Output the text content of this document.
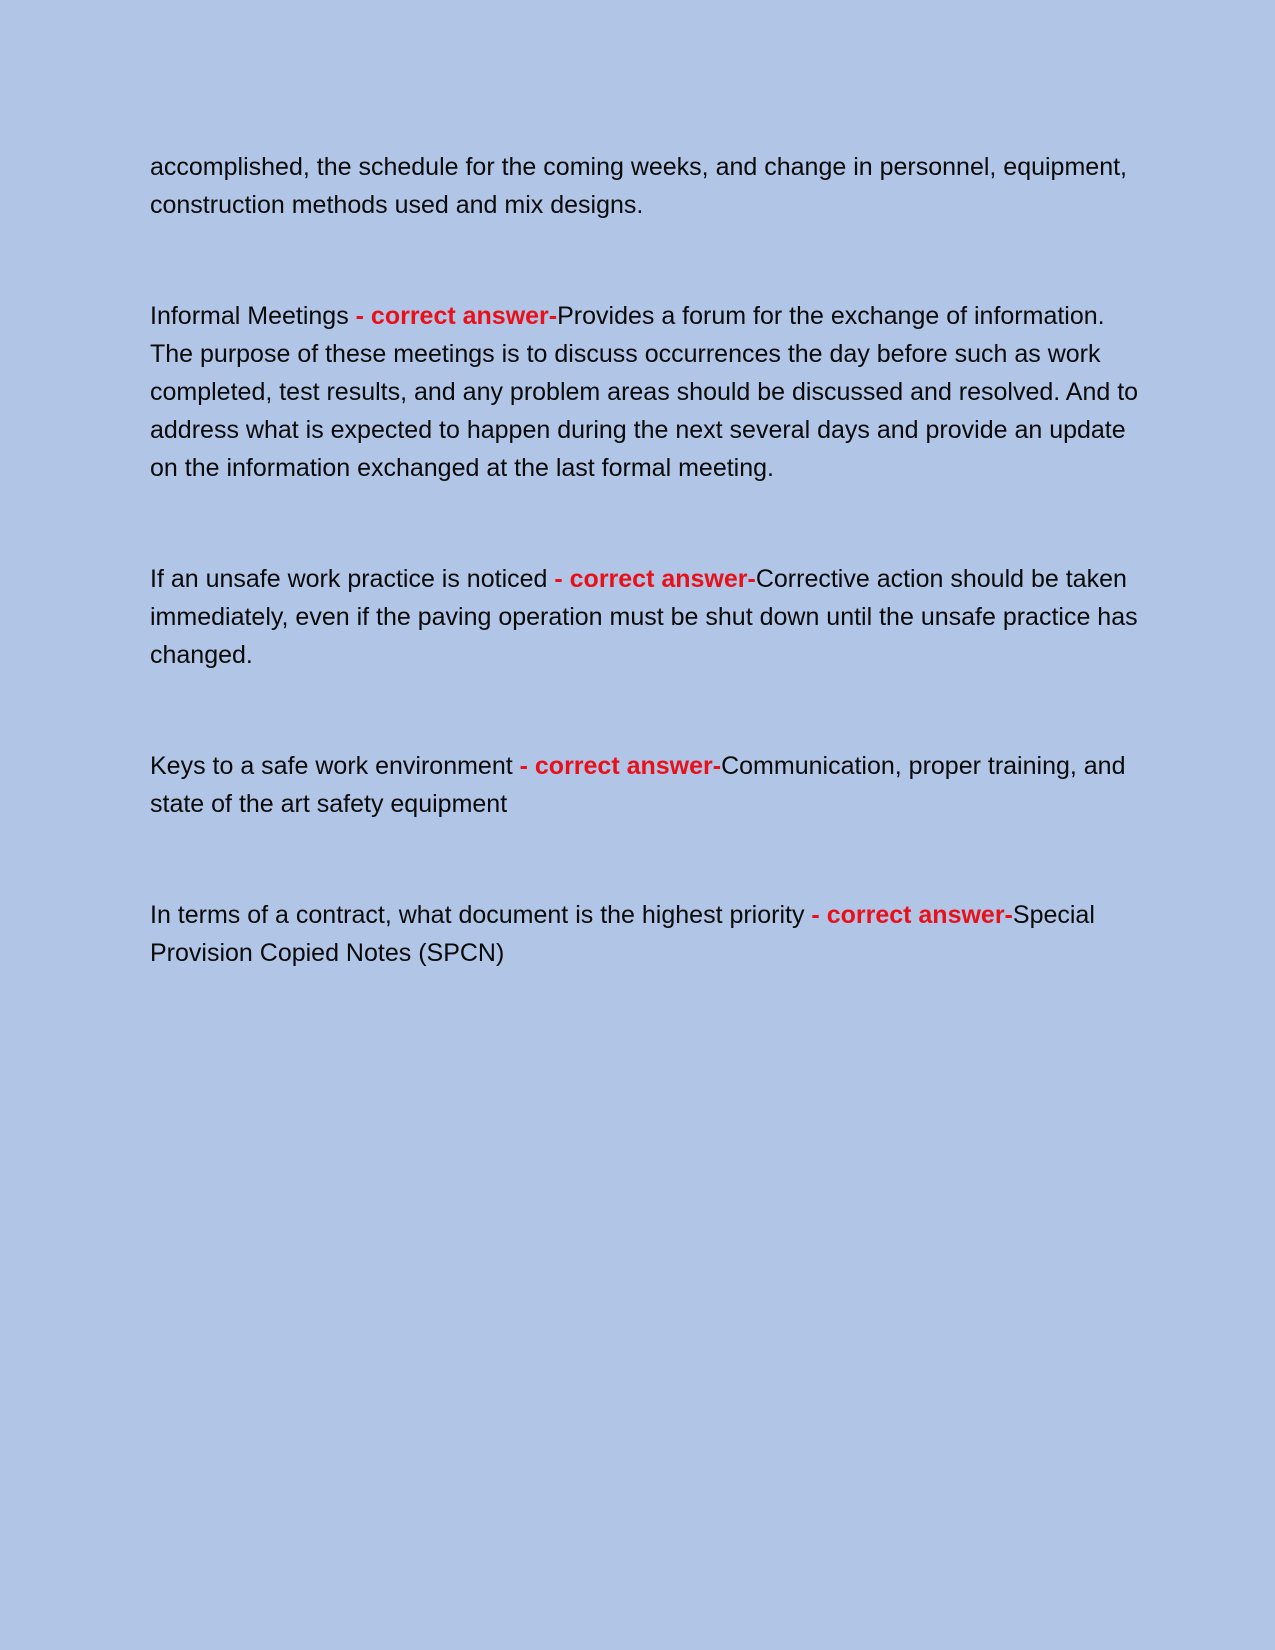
accomplished, the schedule for the coming weeks, and change in personnel, equipment, construction methods used and mix designs.

Informal Meetings - correct answer-Provides a forum for the exchange of information. The purpose of these meetings is to discuss occurrences the day before such as work completed, test results, and any problem areas should be discussed and resolved. And to address what is expected to happen during the next several days and provide an update on the information exchanged at the last formal meeting.

If an unsafe work practice is noticed - correct answer-Corrective action should be taken immediately, even if the paving operation must be shut down until the unsafe practice has changed.

Keys to a safe work environment - correct answer-Communication, proper training, and state of the art safety equipment

In terms of a contract, what document is the highest priority - correct answer-Special Provision Copied Notes (SPCN)
